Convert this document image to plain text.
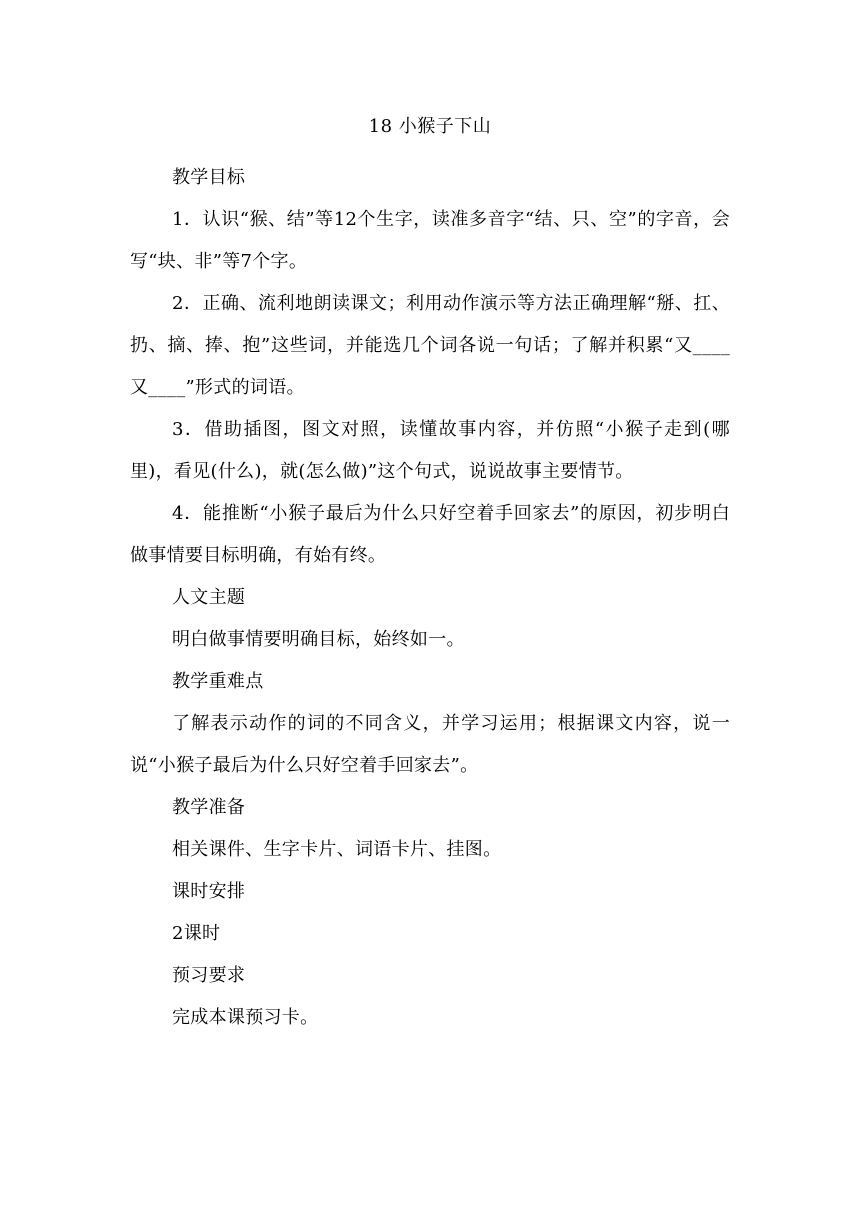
18 小猴子下山

教学目标

1．认识“猴、结”等12个生字，读准多音字“结、只、空”的字音，会写“块、非”等7个字。

2．正确、流利地朗读课文；利用动作演示等方法正确理解“掰、扛、扔、摘、捧、抱”这些词，并能选几个词各说一句话；了解并积累“又____又____”形式的词语。

3．借助插图，图文对照，读懂故事内容，并仿照“小猴子走到(哪里)，看见(什么)，就(怎么做)”这个句式，说说故事主要情节。

4．能推断“小猴子最后为什么只好空着手回家去”的原因，初步明白做事情要目标明确，有始有终。

人文主题

明白做事情要明确目标，始终如一。

教学重难点

了解表示动作的词的不同含义，并学习运用；根据课文内容，说一说“小猴子最后为什么只好空着手回家去”。

教学准备

相关课件、生字卡片、词语卡片、挂图。

课时安排

2课时

预习要求

完成本课预习卡。
